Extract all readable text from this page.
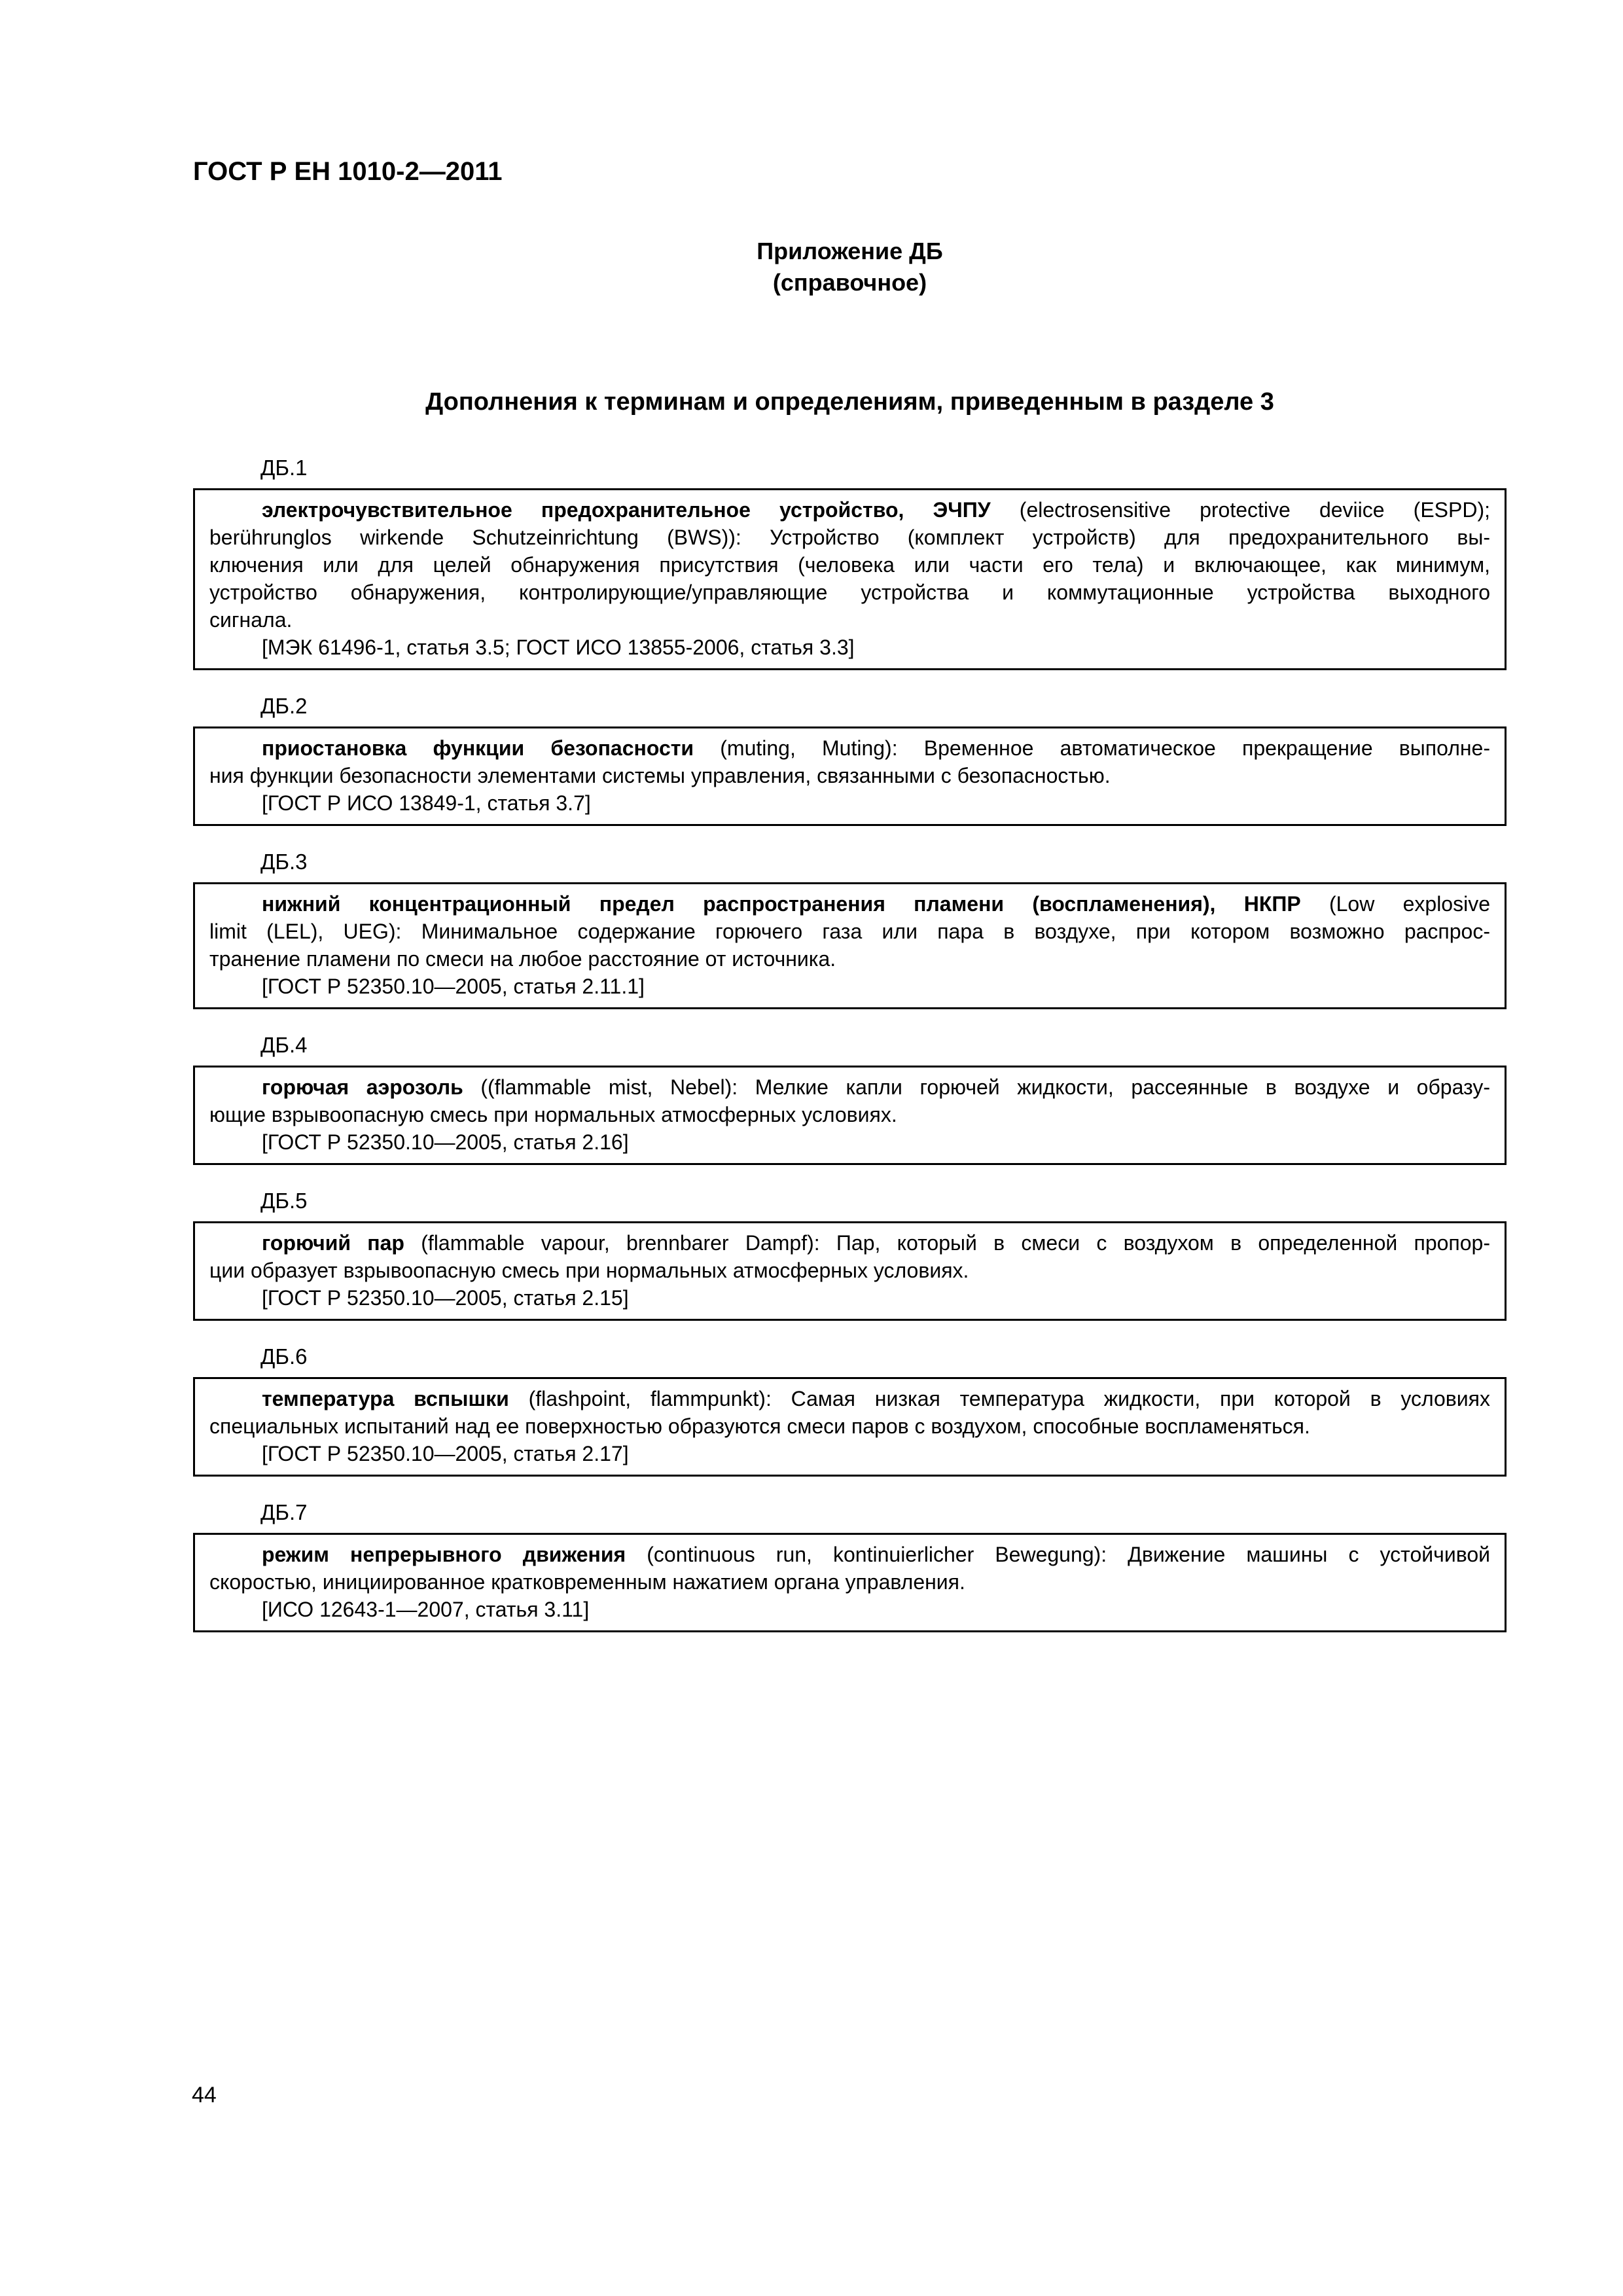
ГОСТ Р ЕН 1010-2—2011
Приложение ДБ
(справочное)
Дополнения к терминам и определениям, приведенным в разделе 3
ДБ.1
электрочувствительное предохранительное устройство, ЭЧПУ (electrosensitive protective deviice (ESPD);
berührunglos wirkende Schutzeinrichtung (BWS)): Устройство (комплект устройств) для предохранительного вы-
ключения или для целей обнаружения присутствия (человека или части его тела) и включающее, как минимум,
устройство обнаружения, контролирующие/управляющие устройства и коммутационные устройства выходного
сигнала.
[МЭК 61496-1, статья 3.5; ГОСТ ИСО 13855-2006, статья 3.3]
ДБ.2
приостановка функции безопасности (muting, Muting): Временное автоматическое прекращение выполне-
ния функции безопасности элементами системы управления, связанными с безопасностью.
[ГОСТ Р ИСО 13849-1, статья 3.7]
ДБ.3
нижний концентрационный предел распространения пламени (воспламенения), НКПР (Low explosive
limit (LEL), UEG): Минимальное содержание горючего газа или пара в воздухе, при котором возможно распрос-
транение пламени по смеси на любое расстояние от источника.
[ГОСТ Р 52350.10—2005, статья 2.11.1]
ДБ.4
горючая аэрозоль ((flammable mist, Nebel): Мелкие капли горючей жидкости, рассеянные в воздухе и образу-
ющие взрывоопасную смесь при нормальных атмосферных условиях.
[ГОСТ Р 52350.10—2005, статья 2.16]
ДБ.5
горючий пар (flammable vapour, brennbarer Dampf): Пар, который в смеси с воздухом в определенной пропор-
ции образует взрывоопасную смесь при нормальных атмосферных условиях.
[ГОСТ Р 52350.10—2005, статья 2.15]
ДБ.6
температура вспышки (flashpoint, flammpunkt): Самая низкая температура жидкости, при которой в условиях
специальных испытаний над ее поверхностью образуются смеси паров с воздухом, способные воспламеняться.
[ГОСТ Р 52350.10—2005, статья 2.17]
ДБ.7
режим непрерывного движения (continuous run, kontinuierlicher Bewegung): Движение машины с устойчивой
скоростью, инициированное кратковременным нажатием органа управления.
[ИСО 12643-1—2007, статья 3.11]
44
